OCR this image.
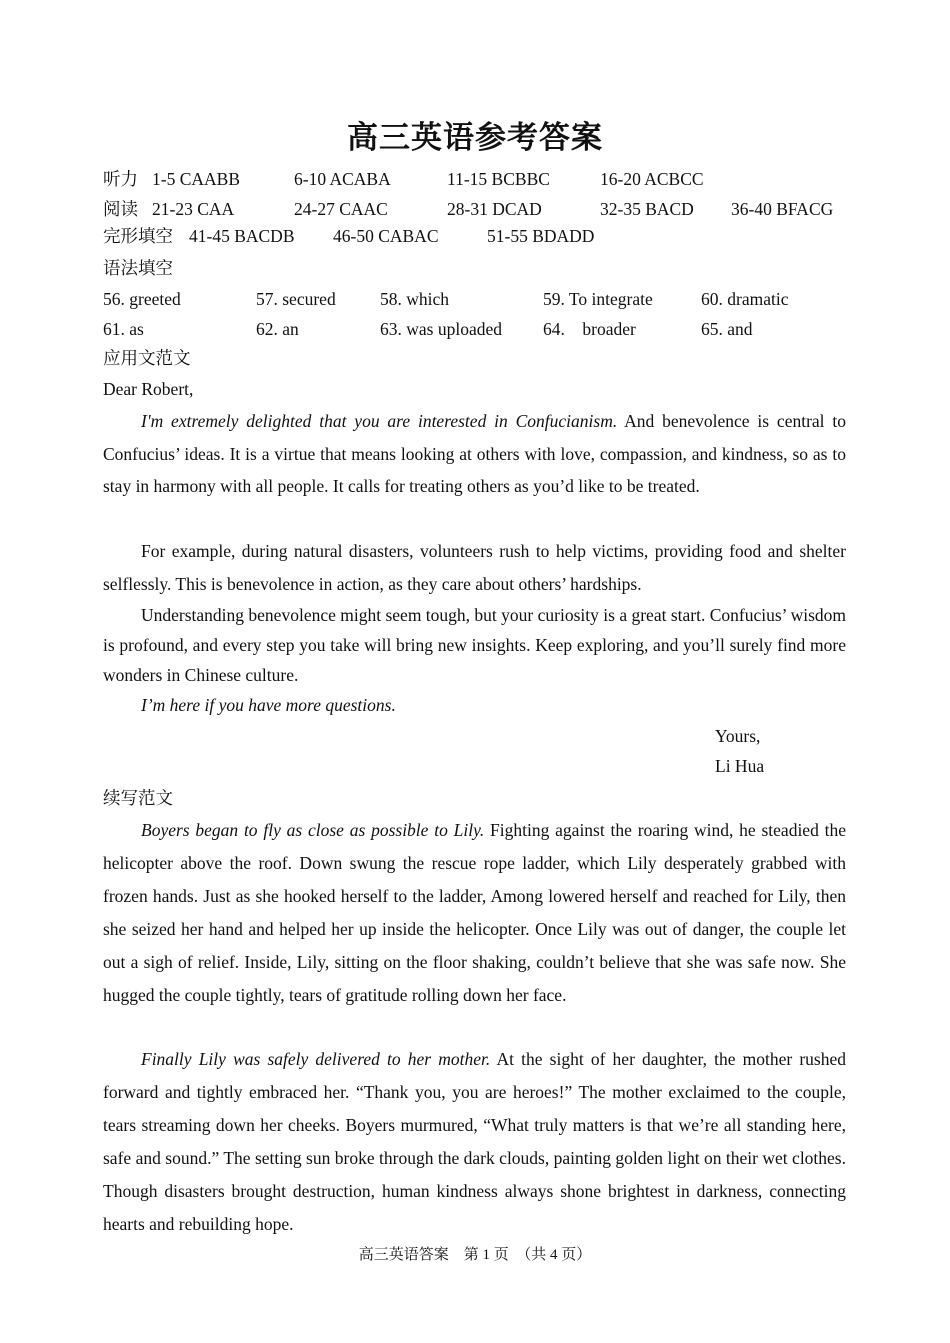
高三英语参考答案
听力 1-5 CAABB	6-10 ACABA	11-15 BCBBC	16-20 ACBCC
阅读 21-23 CAA	24-27 CAAC	28-31 DCAD	32-35 BACD 36-40 BFACG
完形填空 41-45 BACDB 46-50 CABAC	51-55 BDADD
语法填空
56. greeted	57. secured	58. which	59. To integrate	60. dramatic
61. as	62. an	63. was uploaded 64.    broader	65. and
应用文范文
Dear Robert,
I'm extremely delighted that you are interested in Confucianism. And benevolence is central to Confucius’ ideas. It is a virtue that means looking at others with love, compassion, and kindness, so as to stay in harmony with all people. It calls for treating others as you’d like to be treated.
For example, during natural disasters, volunteers rush to help victims, providing food and shelter selflessly. This is benevolence in action, as they care about others’ hardships.
Understanding benevolence might seem tough, but your curiosity is a great start. Confucius’ wisdom is profound, and every step you take will bring new insights. Keep exploring, and you’ll surely find more wonders in Chinese culture.
I’m here if you have more questions.
Yours,
Li Hua
续写范文
Boyers began to fly as close as possible to Lily. Fighting against the roaring wind, he steadied the helicopter above the roof. Down swung the rescue rope ladder, which Lily desperately grabbed with frozen hands. Just as she hooked herself to the ladder, Among lowered herself and reached for Lily, then she seized her hand and helped her up inside the helicopter. Once Lily was out of danger, the couple let out a sigh of relief. Inside, Lily, sitting on the floor shaking, couldn’t believe that she was safe now. She hugged the couple tightly, tears of gratitude rolling down her face.
Finally Lily was safely delivered to her mother. At the sight of her daughter, the mother rushed forward and tightly embraced her. “Thank you, you are heroes!” The mother exclaimed to the couple, tears streaming down her cheeks. Boyers murmured, “What truly matters is that we’re all standing here, safe and sound.” The setting sun broke through the dark clouds, painting golden light on their wet clothes. Though disasters brought destruction, human kindness always shone brightest in darkness, connecting hearts and rebuilding hope.
高三英语答案　第 1 页　（共 4 页）
